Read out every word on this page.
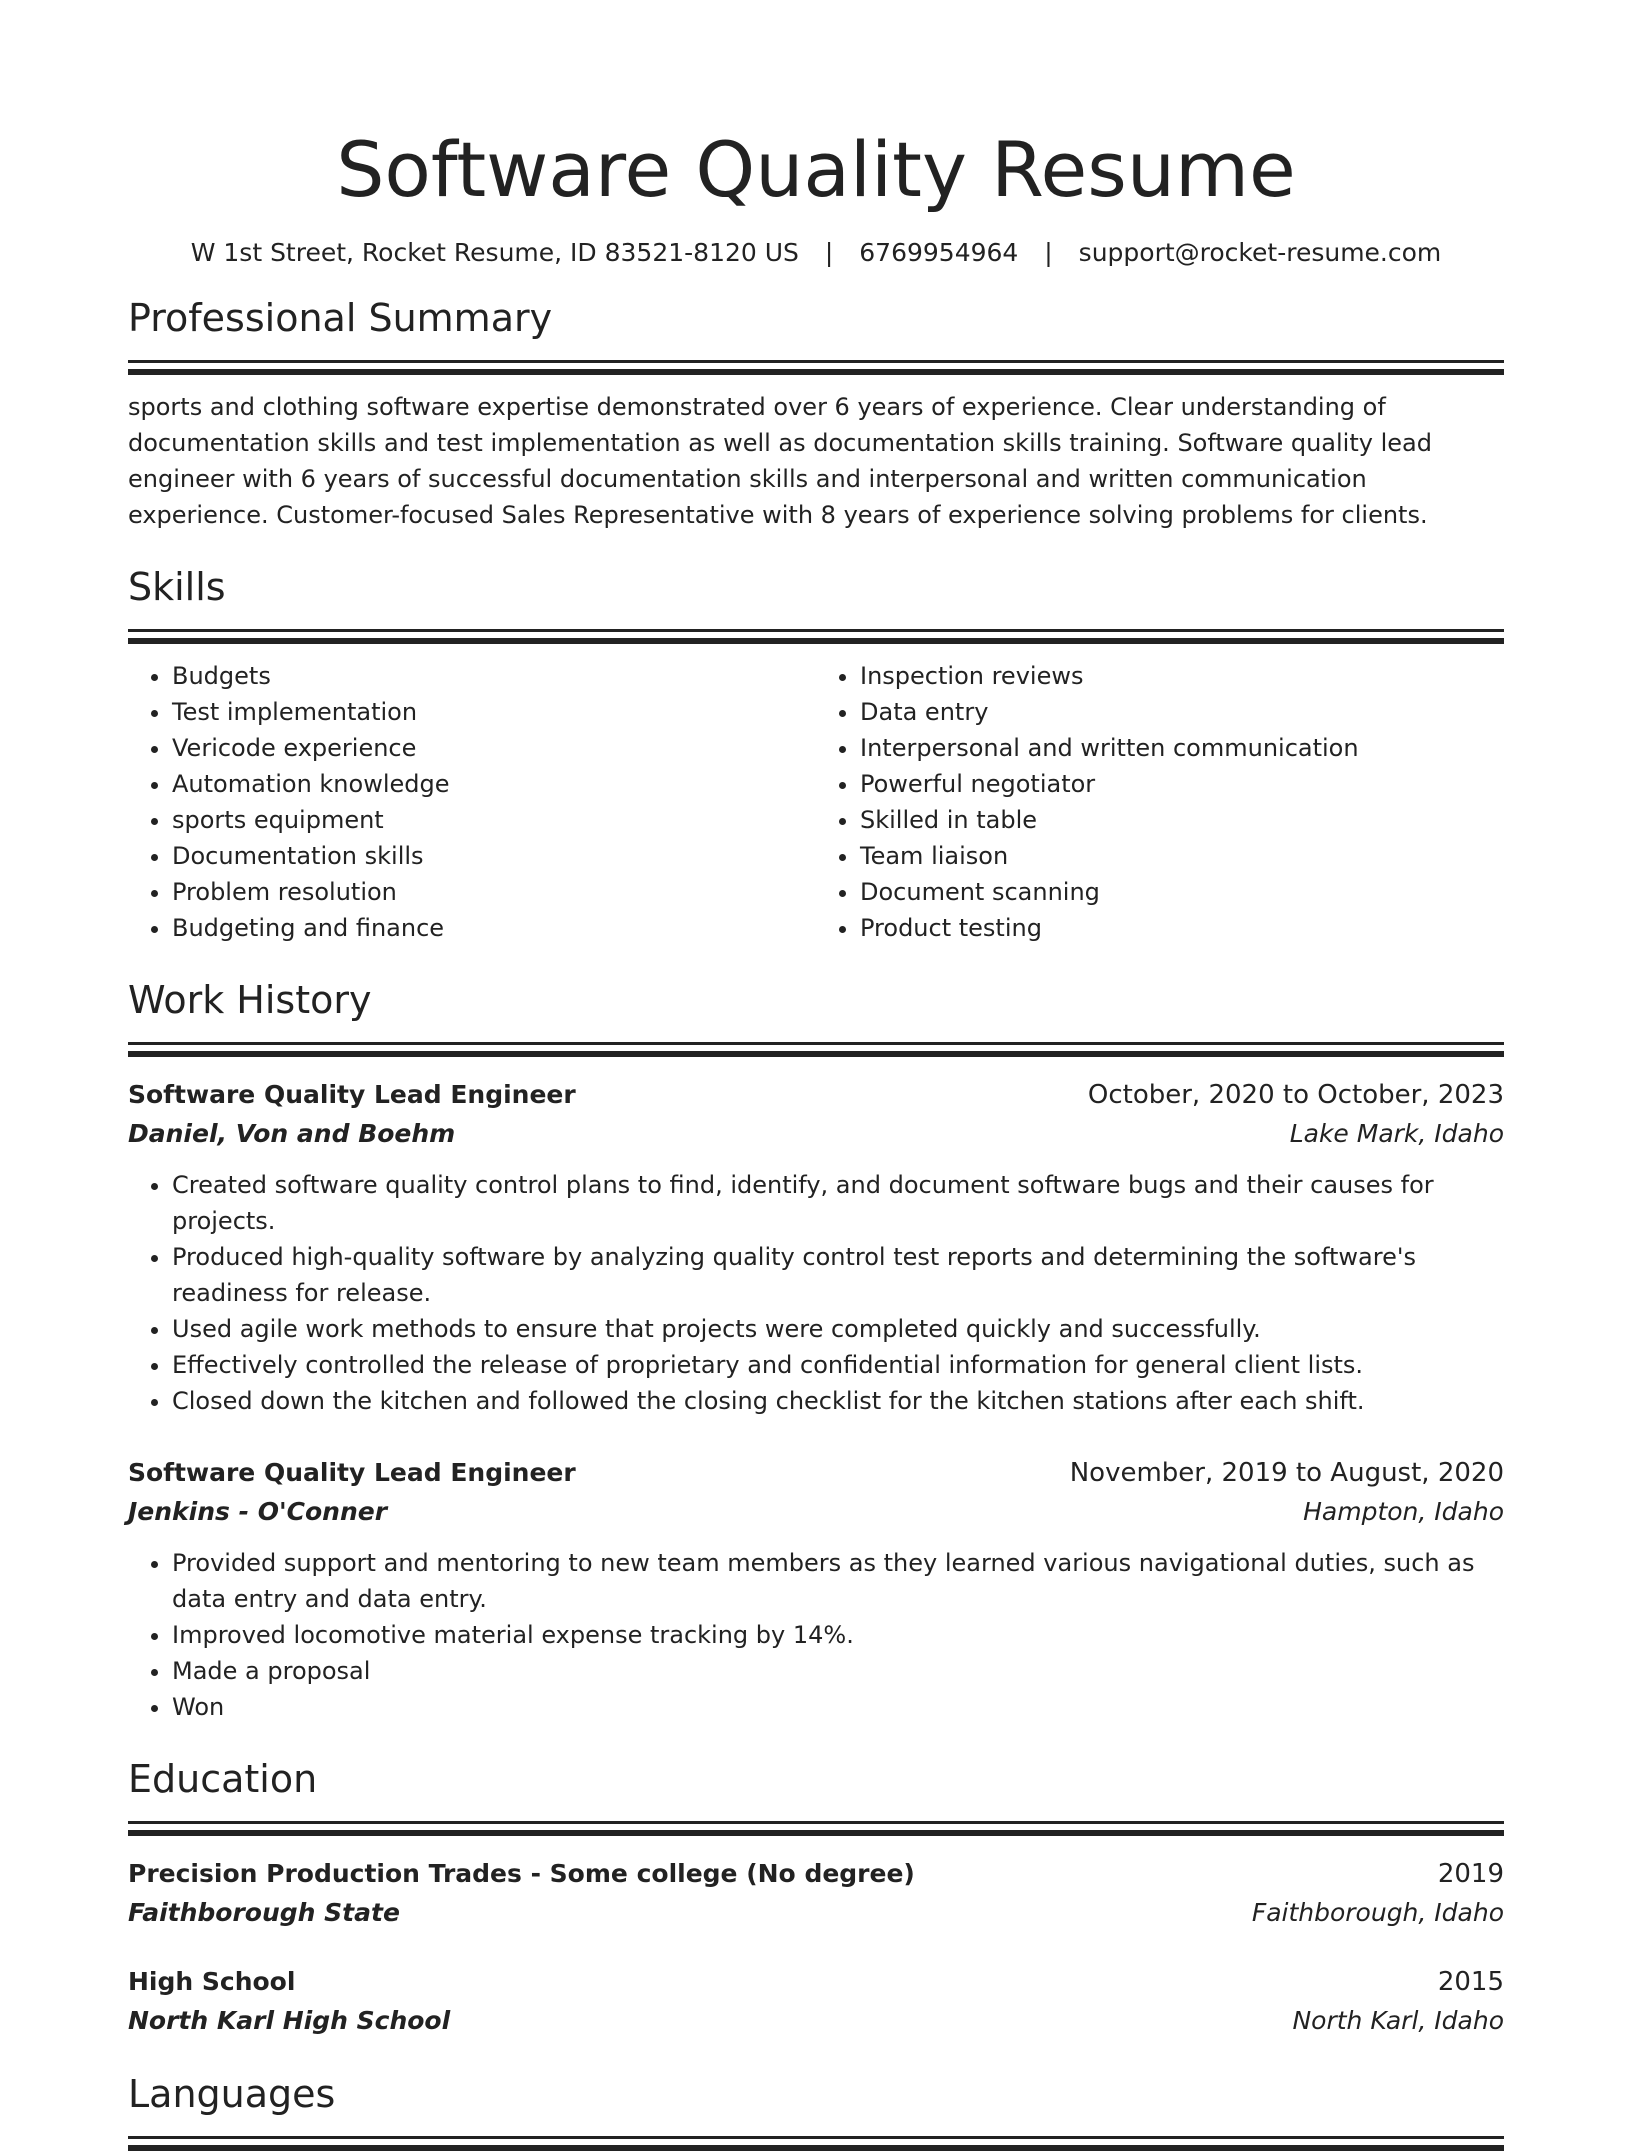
Software Quality Resume
W 1st Street, Rocket Resume, ID 83521-8120 US | 6769954964 | support@rocket-resume.com
Professional Summary

sports and clothing software expertise demonstrated over 6 years of experience. Clear understanding of documentation skills and test implementation as well as documentation skills training. Software quality lead engineer with 6 years of successful documentation skills and interpersonal and written communication experience. Customer-focused Sales Representative with 8 years of experience solving problems for clients.

Skills
• Budgets
• Test implementation
• Vericode experience
• Automation knowledge
• sports equipment
• Documentation skills
• Problem resolution
• Budgeting and finance
• Inspection reviews
• Data entry
• Interpersonal and written communication
• Powerful negotiator
• Skilled in table
• Team liaison
• Document scanning
• Product testing
Work History
Software Quality Lead Engineer	October, 2020 to October, 2023
Daniel, Von and Boehm	Lake Mark, Idaho
• Created software quality control plans to find, identify, and document software bugs and their causes for projects.
• Produced high-quality software by analyzing quality control test reports and determining the software's readiness for release.
• Used agile work methods to ensure that projects were completed quickly and successfully.
• Effectively controlled the release of proprietary and confidential information for general client lists.
• Closed down the kitchen and followed the closing checklist for the kitchen stations after each shift.
Software Quality Lead Engineer	November, 2019 to August, 2020
Jenkins - O'Conner	Hampton, Idaho
• Provided support and mentoring to new team members as they learned various navigational duties, such as data entry and data entry.
• Improved locomotive material expense tracking by 14%.
• Made a proposal
• Won
Education
Precision Production Trades - Some college (No degree)	2019
Faithborough State	Faithborough, Idaho
High School	2015
North Karl High School	North Karl, Idaho
Languages
